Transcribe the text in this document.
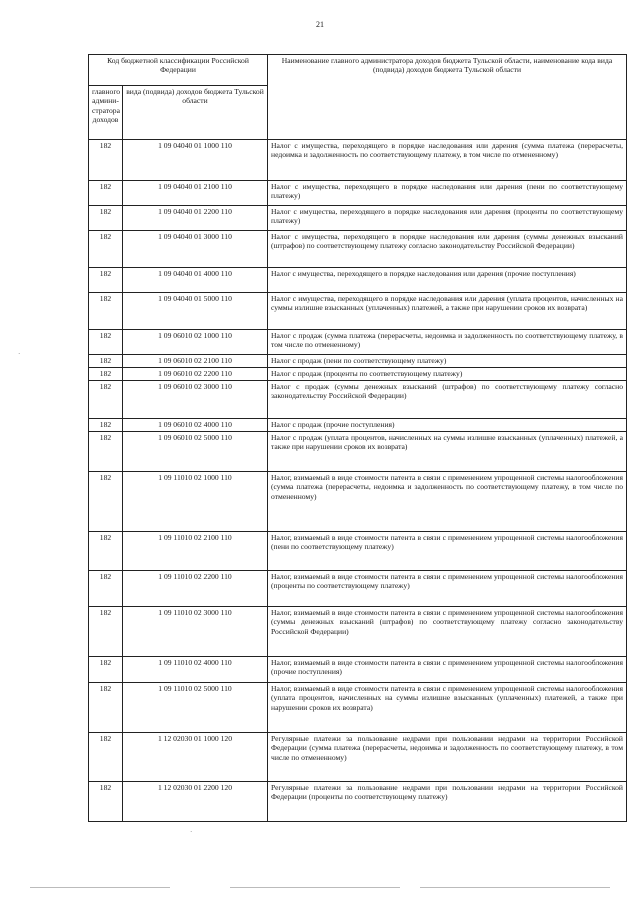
21
Код бюджетной классификации Российской Федерации		Наименование главного администратора доходов бюджета Тульской области, наименование кода вида (подвида) доходов бюджета Тульской области
главного админи-стратора доходов	вида (подвида) доходов бюджета Тульской области	
182	1 09 04040 01 1000 110	Налог с имущества, переходящего в порядке наследования или дарения (сумма платежа (перерасчеты, недоимка и задолженность по соответствующему платежу, в том числе по отмененному)
182	1 09 04040 01 2100 110	Налог с имущества, переходящего в порядке наследования или дарения (пени по соответствующему платежу)
182	1 09 04040 01 2200 110	Налог с имущества, переходящего в порядке наследования или дарения (проценты по соответствующему платежу)
182	1 09 04040 01 3000 110	Налог с имущества, переходящего в порядке наследования или дарения (суммы денежных взысканий (штрафов) по соответствующему платежу согласно законодательству Российской Федерации)
182	1 09 04040 01 4000 110	Налог с имущества, переходящего в порядке наследования или дарения (прочие поступления)
182	1 09 04040 01 5000 110	Налог с имущества, переходящего в порядке наследования или дарения (уплата процентов, начисленных на суммы излишне взысканных (уплаченных) платежей, а также при нарушении сроков их возврата)
182	1 09 06010 02 1000 110	Налог с продаж (сумма платежа (перерасчеты, недоимка и задолженность по соответствующему платежу, в том числе по отмененному)
182	1 09 06010 02 2100 110	Налог с продаж (пени по соответствующему платежу)
182	1 09 06010 02 2200 110	Налог с продаж (проценты по соответствующему платежу)
182	1 09 06010 02 3000 110	Налог с продаж (суммы денежных взысканий (штрафов) по соответствующему платежу согласно законодательству Российской Федерации)
182	1 09 06010 02 4000 110	Налог с продаж (прочие поступления)
182	1 09 06010 02 5000 110	Налог с продаж (уплата процентов, начисленных на суммы излишне взысканных (уплаченных) платежей, а также при нарушении сроков их возврата)
182	1 09 11010 02 1000 110	Налог, взимаемый в виде стоимости патента в связи с применением упрощенной системы налогообложения (сумма платежа (перерасчеты, недоимка и задолженность по соответствующему платежу, в том числе по отмененному)
182	1 09 11010 02 2100 110	Налог, взимаемый в виде стоимости патента в связи с применением упрощенной системы налогообложения (пени по соответствующему платежу)
182	1 09 11010 02 2200 110	Налог, взимаемый в виде стоимости патента в связи с применением упрощенной системы налогообложения (проценты по соответствующему платежу)
182	1 09 11010 02 3000 110	Налог, взимаемый в виде стоимости патента в связи с применением упрощенной системы налогообложения (суммы денежных взысканий (штрафов) по соответствующему платежу согласно законодательству Российской Федерации)
182	1 09 11010 02 4000 110	Налог, взимаемый в виде стоимости патента в связи с применением упрощенной системы налогообложения (прочие поступления)
182	1 09 11010 02 5000 110	Налог, взимаемый в виде стоимости патента в связи с применением упрощенной системы налогообложения (уплата процентов, начисленных на суммы излишне взысканных (уплаченных) платежей, а также при нарушении сроков их возврата)
182	1 12 02030 01 1000 120	Регулярные платежи за пользование недрами при пользовании недрами на территории Российской Федерации (сумма платежа (перерасчеты, недоимка и задолженность по соответствующему платежу, в том числе по отмененному)
182	1 12 02030 01 2200 120	Регулярные платежи за пользование недрами при пользовании недрами на территории Российской Федерации (проценты по соответствующему платежу)
·
·
